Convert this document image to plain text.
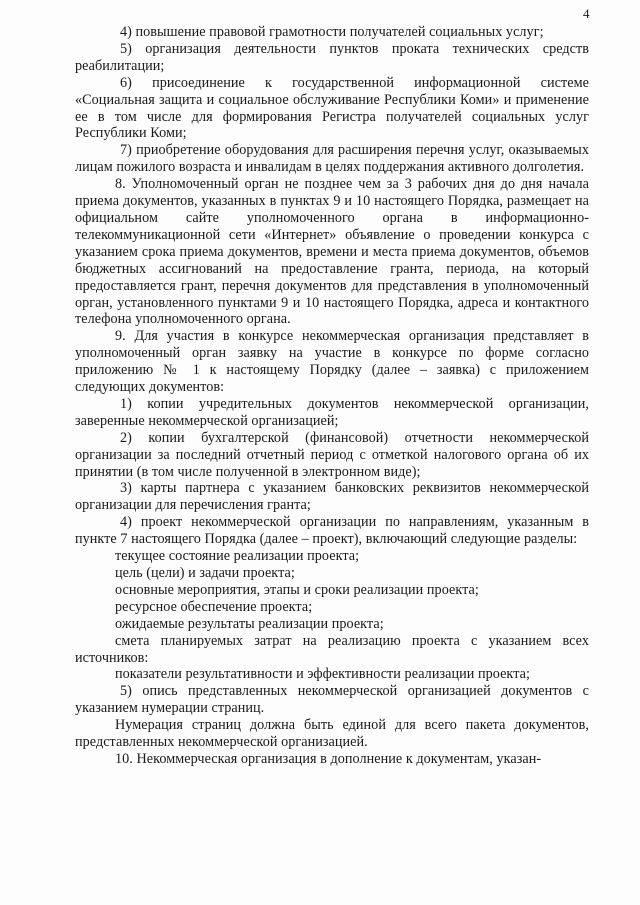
4

4) повышение правовой грамотности получателей социальных услуг;

5) организация деятельности пунктов проката технических средств реабилитации;

6) присоединение к государственной информационной системе «Социальная защита и социальное обслуживание Республики Коми» и применение ее в том числе для формирования Регистра получателей социальных услуг Республики Коми;

7) приобретение оборудования для расширения перечня услуг, оказываемых лицам пожилого возраста и инвалидам в целях поддержания активного долголетия.

8. Уполномоченный орган не позднее чем за 3 рабочих дня до дня начала приема документов, указанных в пунктах 9 и 10 настоящего Порядка, размещает на официальном сайте уполномоченного органа в информационно-телекоммуникационной сети «Интернет» объявление о проведении конкурса с указанием срока приема документов, времени и места приема документов, объемов бюджетных ассигнований на предоставление гранта, периода, на который предоставляется грант, перечня документов для представления в уполномоченный орган, установленного пунктами 9 и 10 настоящего Порядка, адреса и контактного телефона уполномоченного органа.

9. Для участия в конкурсе некоммерческая организация представляет в уполномоченный орган заявку на участие в конкурсе по форме согласно приложению № 1 к настоящему Порядку (далее – заявка) с приложением следующих документов:

1) копии учредительных документов некоммерческой организации, заверенные некоммерческой организацией;

2) копии бухгалтерской (финансовой) отчетности некоммерческой организации за последний отчетный период с отметкой налогового органа об их принятии (в том числе полученной в электронном виде);

3) карты партнера с указанием банковских реквизитов некоммерческой организации для перечисления гранта;

4) проект некоммерческой организации по направлениям, указанным в пункте 7 настоящего Порядка (далее – проект), включающий следующие разделы:

текущее состояние реализации проекта;

цель (цели) и задачи проекта;

основные мероприятия, этапы и сроки реализации проекта;

ресурсное обеспечение проекта;

ожидаемые результаты реализации проекта;

смета планируемых затрат на реализацию проекта с указанием всех источников:

показатели результативности и эффективности реализации проекта;

5) опись представленных некоммерческой организацией документов с указанием нумерации страниц.

Нумерация страниц должна быть единой для всего пакета документов, представленных некоммерческой организацией.

10. Некоммерческая организация в дополнение к документам, указан-
